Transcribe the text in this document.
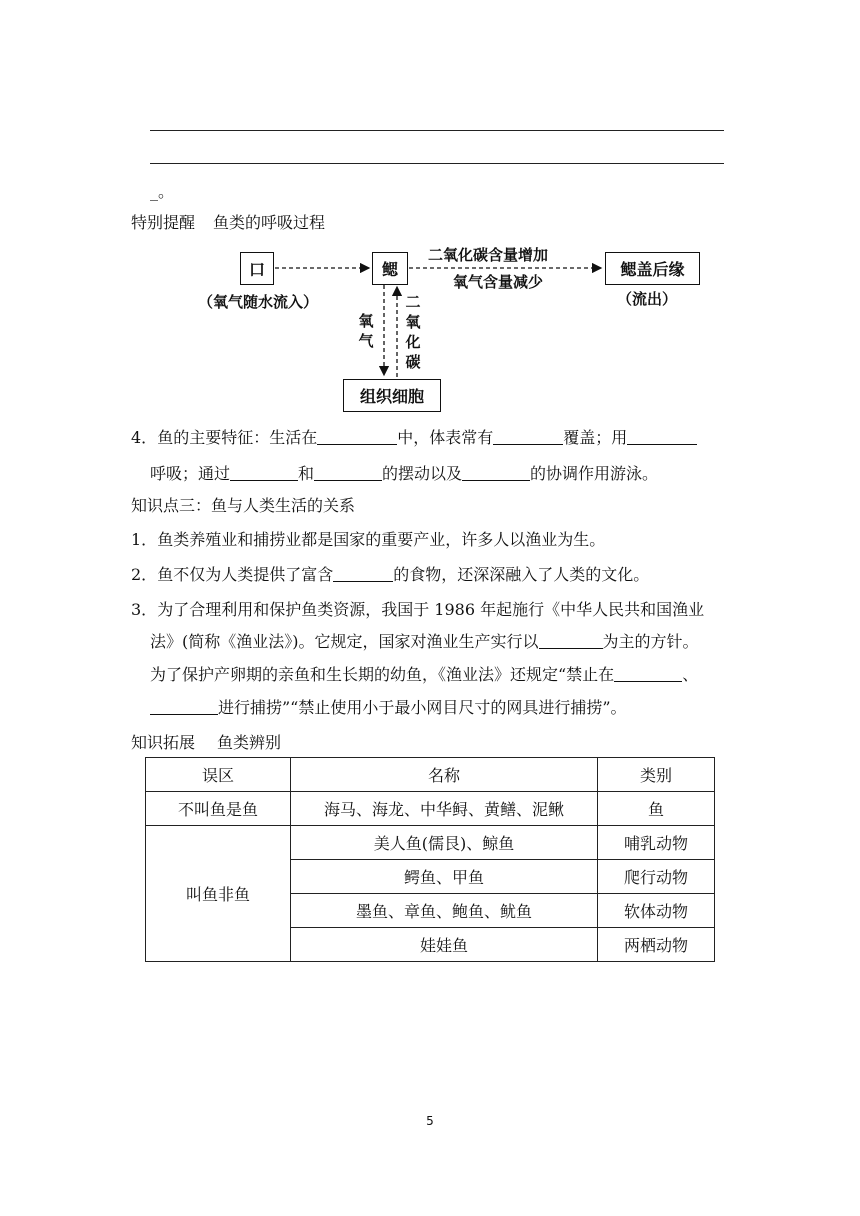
_。
特别提醒 鱼类的呼吸过程
口
（氧气随水流入）
鳃
二氧化碳含量增加
氧气含量减少
鳃盖后缘
（流出）
氧气
二氧化碳
组织细胞
4．鱼的主要特征：生活在	中，体表常有	覆盖；用
呼吸；通过	和	的摆动以及	的协调作用游泳。
知识点三：鱼与人类生活的关系
1．鱼类养殖业和捕捞业都是国家的重要产业，许多人以渔业为生。
2．鱼不仅为人类提供了富含	的食物，还深深融入了人类的文化。
3．为了合理利用和保护鱼类资源，我国于 1986 年起施行《中华人民共和国渔业
法》(简称《渔业法》)。它规定，国家对渔业生产实行以	为主的方针。
为了保护产卵期的亲鱼和生长期的幼鱼，《渔业法》还规定“禁止在	、
进行捕捞”“禁止使用小于最小网目尺寸的网具进行捕捞”。
知识拓展 鱼类辨别
误区	名称	类别
不叫鱼是鱼	海马、海龙、中华鲟、黄鳝、泥鳅	鱼
叫鱼非鱼	美人鱼(儒艮)、鲸鱼	哺乳动物
	鳄鱼、甲鱼	爬行动物
	墨鱼、章鱼、鲍鱼、鱿鱼	软体动物
	娃娃鱼	两栖动物
5
